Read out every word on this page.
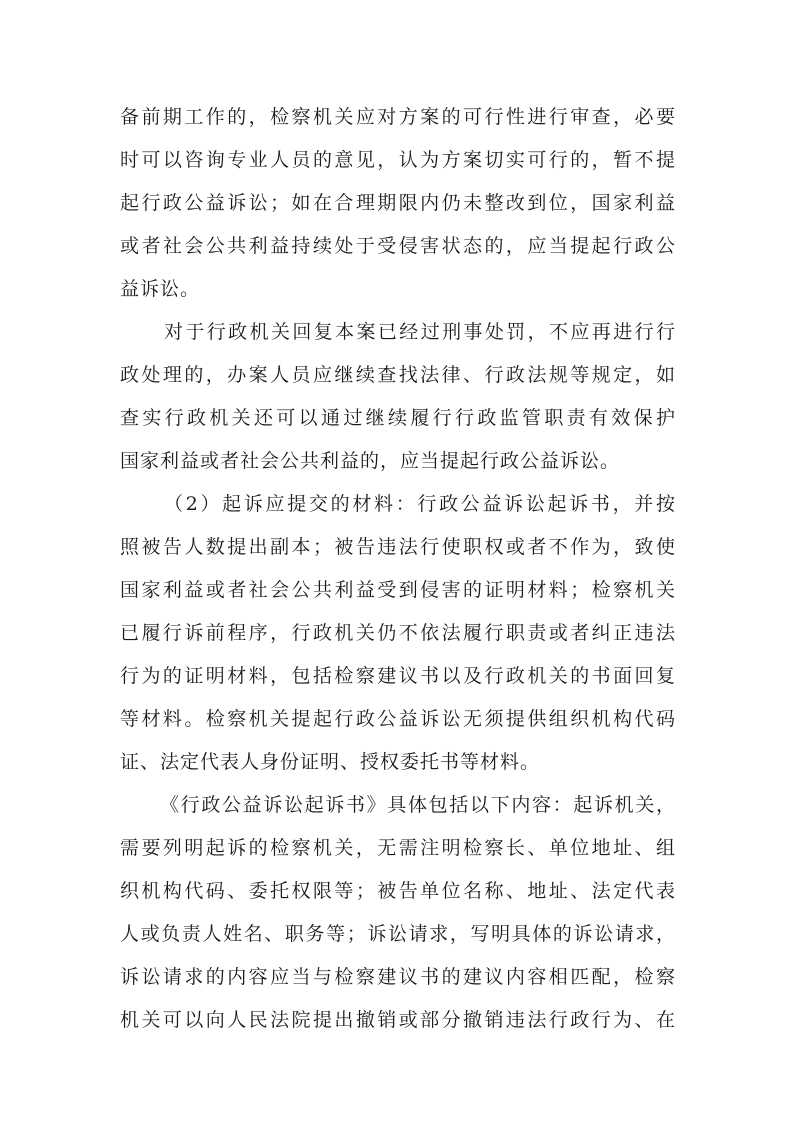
备前期工作的，检察机关应对方案的可行性进行审查，必要
时可以咨询专业人员的意见，认为方案切实可行的，暂不提
起行政公益诉讼；如在合理期限内仍未整改到位，国家利益
或者社会公共利益持续处于受侵害状态的，应当提起行政公
益诉讼。
对于行政机关回复本案已经过刑事处罚，不应再进行行
政处理的，办案人员应继续查找法律、行政法规等规定，如
查实行政机关还可以通过继续履行行政监管职责有效保护
国家利益或者社会公共利益的，应当提起行政公益诉讼。
（2）起诉应提交的材料：行政公益诉讼起诉书，并按
照被告人数提出副本；被告违法行使职权或者不作为，致使
国家利益或者社会公共利益受到侵害的证明材料；检察机关
已履行诉前程序，行政机关仍不依法履行职责或者纠正违法
行为的证明材料，包括检察建议书以及行政机关的书面回复
等材料。检察机关提起行政公益诉讼无须提供组织机构代码
证、法定代表人身份证明、授权委托书等材料。
《行政公益诉讼起诉书》具体包括以下内容：起诉机关，
需要列明起诉的检察机关，无需注明检察长、单位地址、组
织机构代码、委托权限等；被告单位名称、地址、法定代表
人或负责人姓名、职务等；诉讼请求，写明具体的诉讼请求，
诉讼请求的内容应当与检察建议书的建议内容相匹配，检察
机关可以向人民法院提出撤销或部分撤销违法行政行为、在
